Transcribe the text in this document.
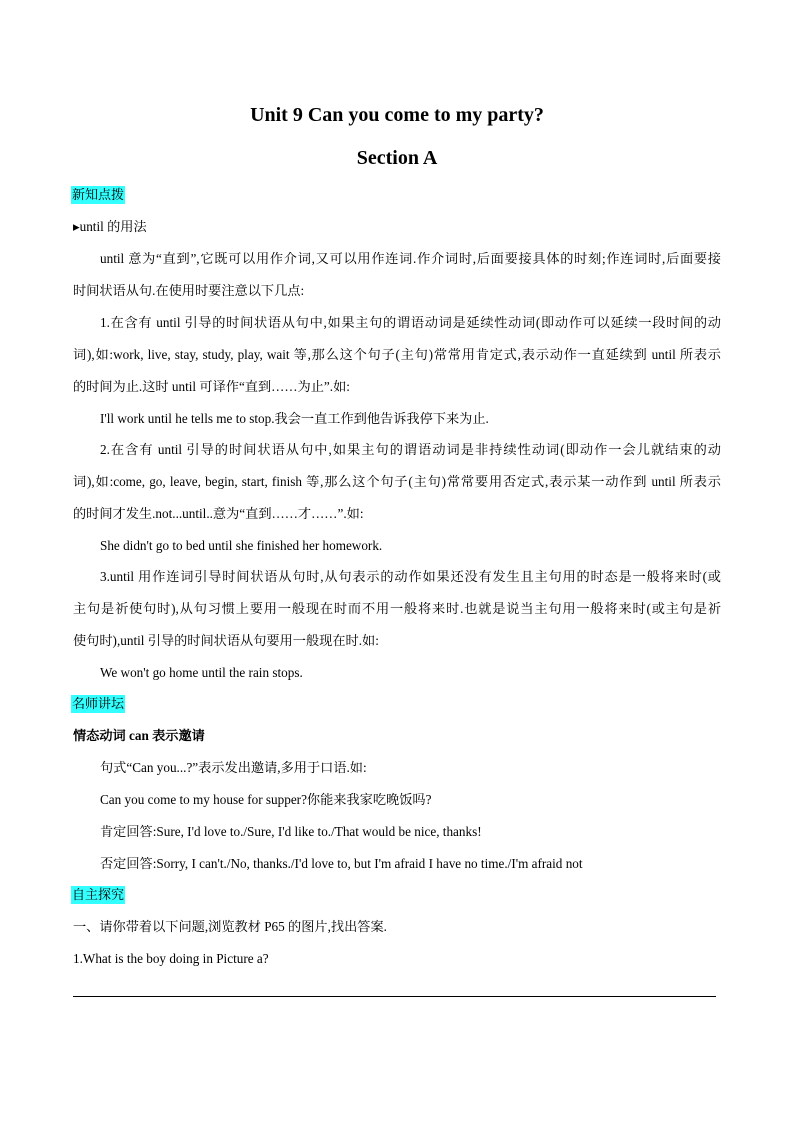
Unit 9 Can you come to my party?
Section A
新知点拨
▸until 的用法
until 意为“直到”,它既可以用作介词,又可以用作连词.作介词时,后面要接具体的时刻;作连词时,后面要接
时间状语从句.在使用时要注意以下几点:
1.在含有 until 引导的时间状语从句中,如果主句的谓语动词是延续性动词(即动作可以延续一段时间的动
词),如:work, live, stay, study, play, wait 等,那么这个句子(主句)常常用肯定式,表示动作一直延续到 until 所表示
的时间为止.这时 until 可译作“直到……为止”.如:
I'll work until he tells me to stop.我会一直工作到他告诉我停下来为止.
2.在含有 until 引导的时间状语从句中,如果主句的谓语动词是非持续性动词(即动作一会儿就结束的动
词),如:come, go, leave, begin, start, finish 等,那么这个句子(主句)常常要用否定式,表示某一动作到 until 所表示
的时间才发生.not...until..意为“直到……才……”.如:
She didn't go to bed until she finished her homework.
3.until 用作连词引导时间状语从句时,从句表示的动作如果还没有发生且主句用的时态是一般将来时(或
主句是祈使句时),从句习惯上要用一般现在时而不用一般将来时.也就是说当主句用一般将来时(或主句是祈
使句时),until 引导的时间状语从句要用一般现在时.如:
We won't go home until the rain stops.
名师讲坛
情态动词 can 表示邀请
句式“Can you...?”表示发出邀请,多用于口语.如:
Can you come to my house for supper?你能来我家吃晚饭吗?
肯定回答:Sure, I'd love to./Sure, I'd like to./That would be nice, thanks!
否定回答:Sorry, I can't./No, thanks./I'd love to, but I'm afraid I have no time./I'm afraid not
自主探究
一、请你带着以下问题,浏览教材 P65 的图片,找出答案.
1.What is the boy doing in Picture a?
